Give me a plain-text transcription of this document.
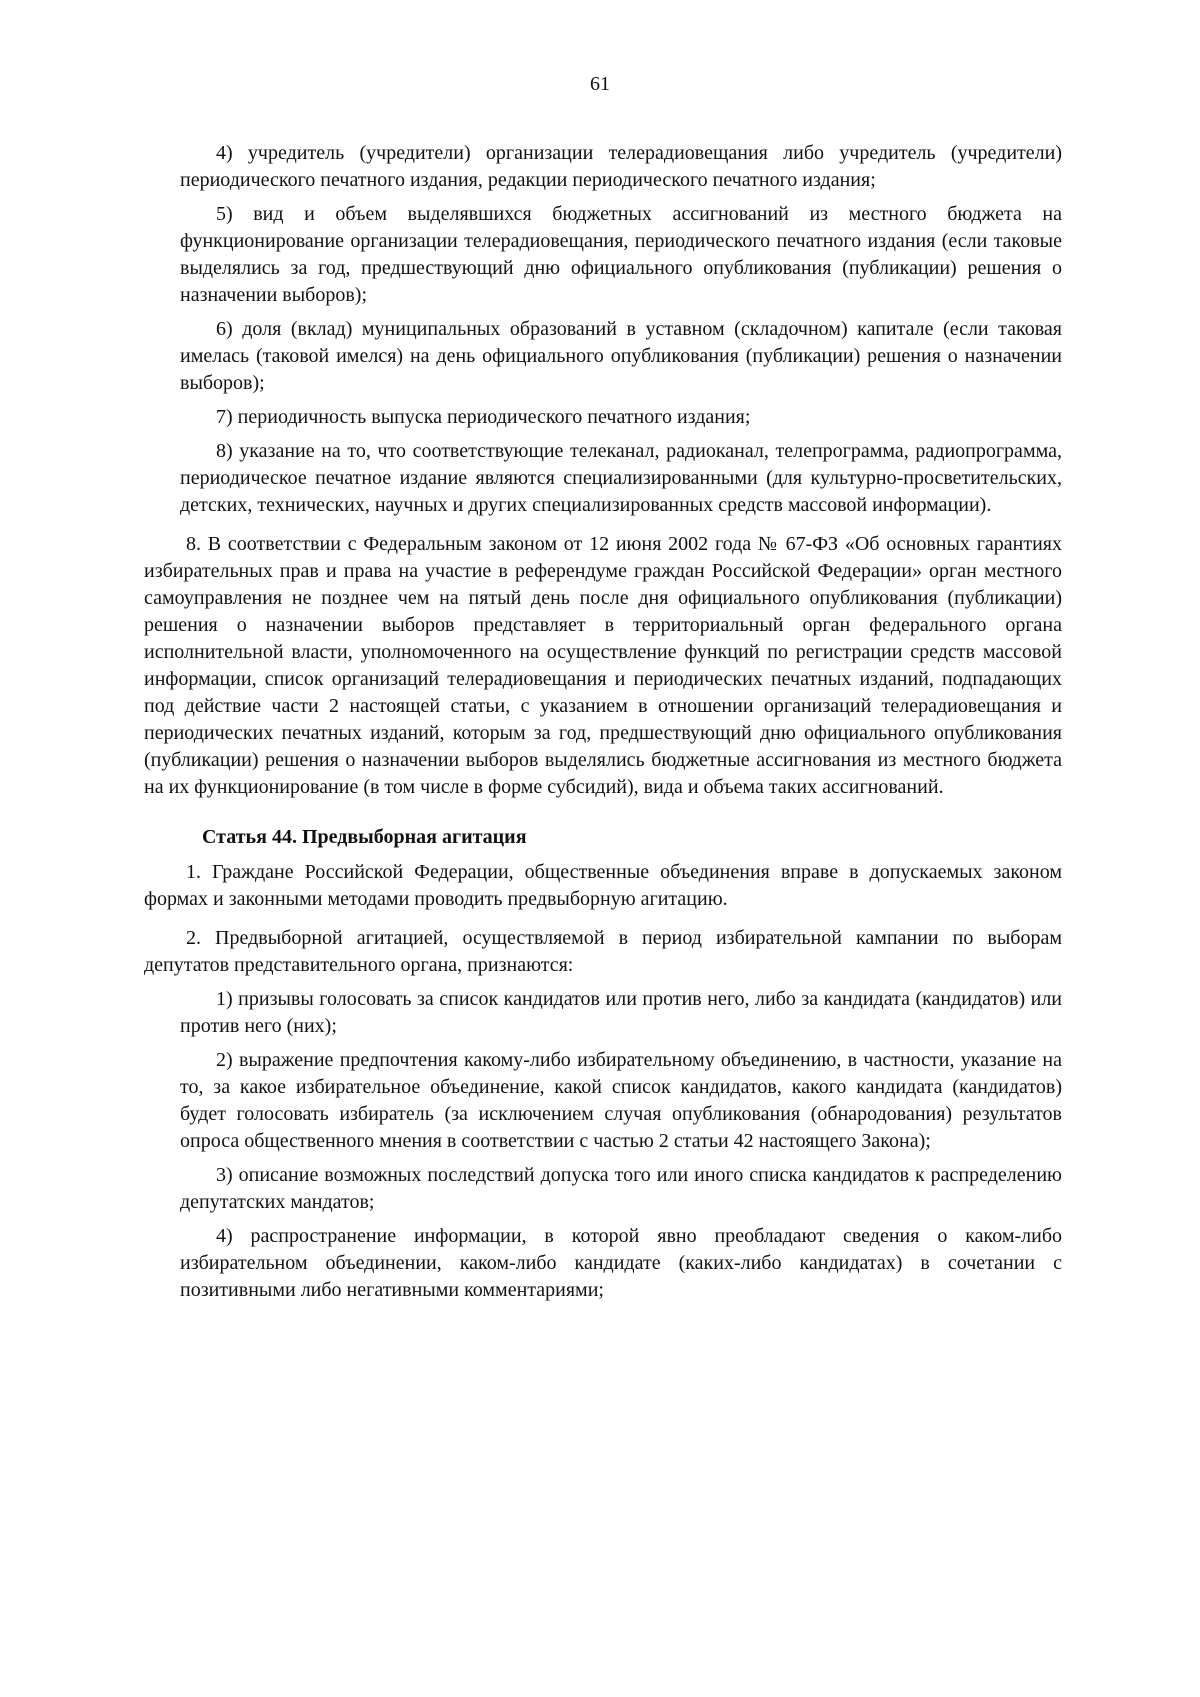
61

4) учредитель (учредители) организации телерадиовещания либо учредитель (учредители) периодического печатного издания, редакции периодического печатного издания;

5) вид и объем выделявшихся бюджетных ассигнований из местного бюджета на функционирование организации телерадиовещания, периодического печатного издания (если таковые выделялись за год, предшествующий дню официального опубликования (публикации) решения о назначении выборов);

6) доля (вклад) муниципальных образований в уставном (складочном) капитале (если таковая имелась (таковой имелся) на день официального опубликования (публикации) решения о назначении выборов);

7) периодичность выпуска периодического печатного издания;

8) указание на то, что соответствующие телеканал, радиоканал, телепрограмма, радиопрограмма, периодическое печатное издание являются специализированными (для культурно-просветительских, детских, технических, научных и других специализированных средств массовой информации).

8. В соответствии с Федеральным законом от 12 июня 2002 года № 67-ФЗ «Об основных гарантиях избирательных прав и права на участие в референдуме граждан Российской Федерации» орган местного самоуправления не позднее чем на пятый день после дня официального опубликования (публикации) решения о назначении выборов представляет в территориальный орган федерального органа исполнительной власти, уполномоченного на осуществление функций по регистрации средств массовой информации, список организаций телерадиовещания и периодических печатных изданий, подпадающих под действие части 2 настоящей статьи, с указанием в отношении организаций телерадиовещания и периодических печатных изданий, которым за год, предшествующий дню официального опубликования (публикации) решения о назначении выборов выделялись бюджетные ассигнования из местного бюджета на их функционирование (в том числе в форме субсидий), вида и объема таких ассигнований.

Статья 44. Предвыборная агитация

1. Граждане Российской Федерации, общественные объединения вправе в допускаемых законом формах и законными методами проводить предвыборную агитацию.

2. Предвыборной агитацией, осуществляемой в период избирательной кампании по выборам депутатов представительного органа, признаются:

1) призывы голосовать за список кандидатов или против него, либо за кандидата (кандидатов) или против него (них);

2) выражение предпочтения какому-либо избирательному объединению, в частности, указание на то, за какое избирательное объединение, какой список кандидатов, какого кандидата (кандидатов) будет голосовать избиратель (за исключением случая опубликования (обнародования) результатов опроса общественного мнения в соответствии с частью 2 статьи 42 настоящего Закона);

3) описание возможных последствий допуска того или иного списка кандидатов к распределению депутатских мандатов;

4) распространение информации, в которой явно преобладают сведения о каком-либо избирательном объединении, каком-либо кандидате (каких-либо кандидатах) в сочетании с позитивными либо негативными комментариями;
